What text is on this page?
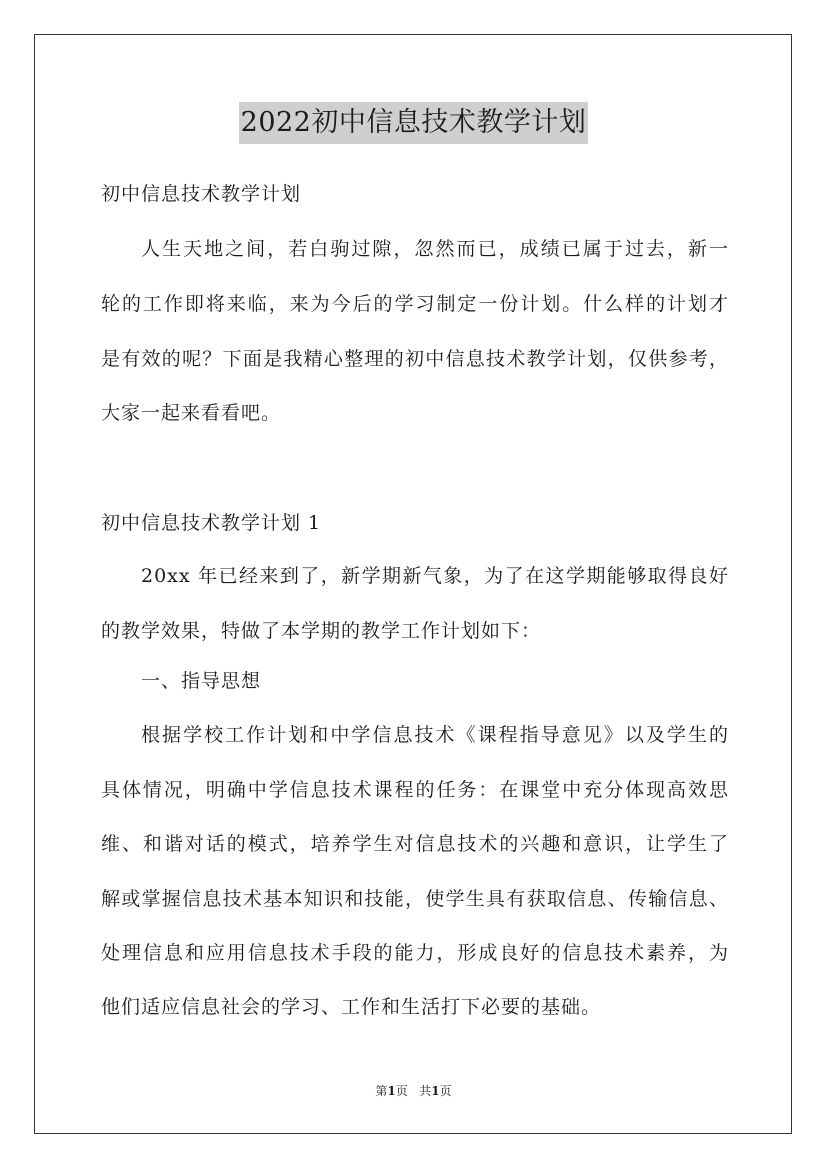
2022初中信息技术教学计划

初中信息技术教学计划

人生天地之间，若白驹过隙，忽然而已，成绩已属于过去，新一

轮的工作即将来临，来为今后的学习制定一份计划。什么样的计划才

是有效的呢？下面是我精心整理的初中信息技术教学计划，仅供参考，

大家一起来看看吧。

初中信息技术教学计划 1

20xx 年已经来到了，新学期新气象，为了在这学期能够取得良好

的教学效果，特做了本学期的教学工作计划如下：

一、指导思想

根据学校工作计划和中学信息技术《课程指导意见》以及学生的

具体情况，明确中学信息技术课程的任务：在课堂中充分体现高效思

维、和谐对话的模式，培养学生对信息技术的兴趣和意识，让学生了

解或掌握信息技术基本知识和技能，使学生具有获取信息、传输信息、

处理信息和应用信息技术手段的能力，形成良好的信息技术素养，为

他们适应信息社会的学习、工作和生活打下必要的基础。

第1页 共1页
